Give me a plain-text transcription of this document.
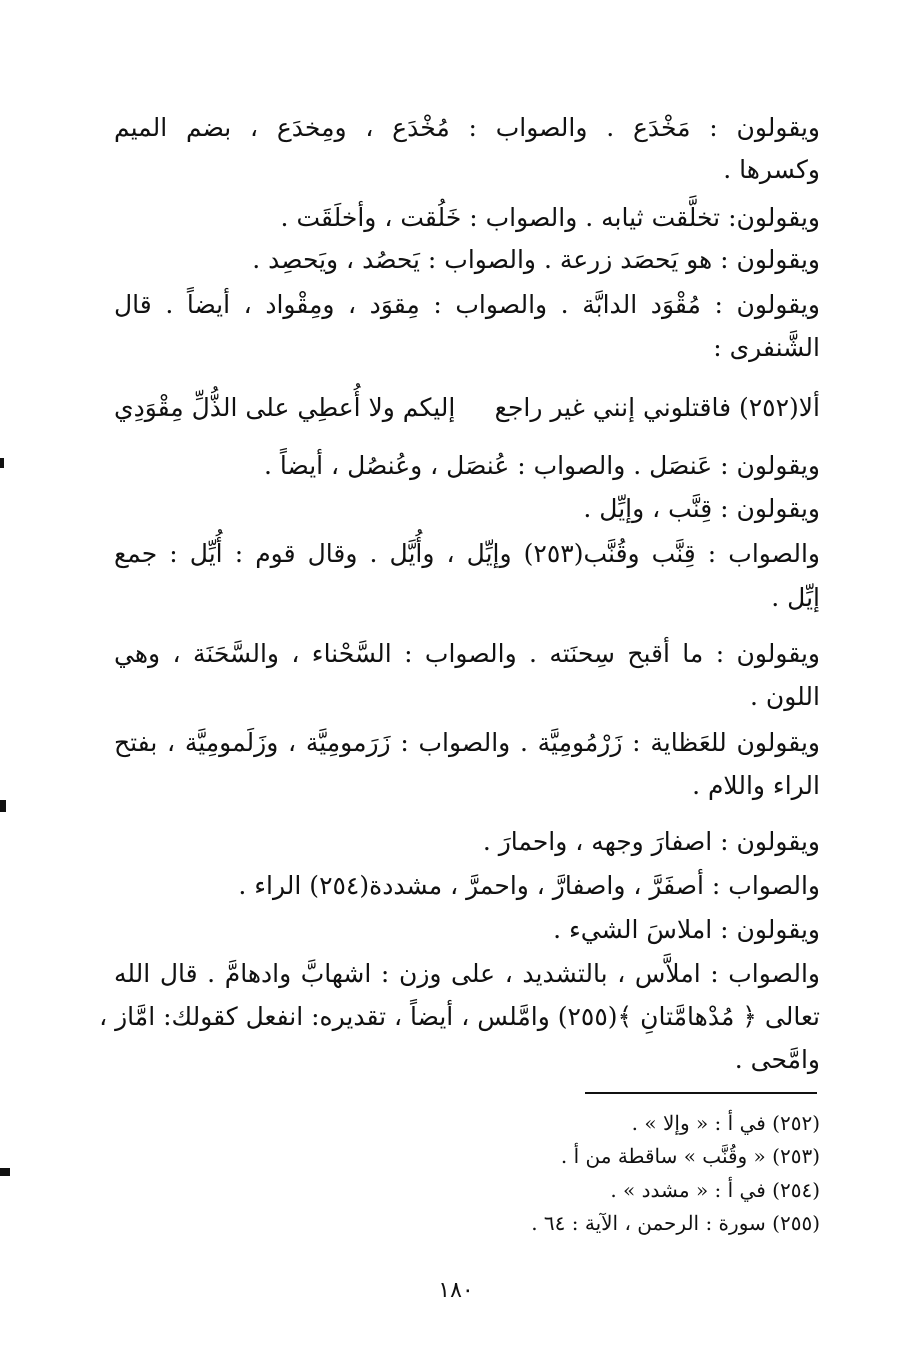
ويقولون : مَخْدَع . والصواب : مُخْدَع ، ومِخدَع ، بضم الميم
وكسرها .
ويقولون: تخلَّقت ثيابه . والصواب : خَلُقت ، وأخلَقَت .
ويقولون : هو يَحصَد زرعة . والصواب : يَحصُد ، ويَحصِد .
ويقولون : مُقْوَد الدابَّة . والصواب : مِقوَد ، ومِقْواد ، أيضاً . قال
الشَّنفرى :
ألا(٢٥٢) فاقتلوني إنني غير راجع
إليكم ولا أُعطِي على الذُّلِّ مِقْوَدِي
ويقولون : عَنصَل . والصواب : عُنصَل ، وعُنصُل ، أيضاً .
ويقولون : قِنَّب ، وإيِّل .
والصواب : قِنَّب وقُنَّب(٢٥٣) وإيِّل ، وأُيَّل . وقال قوم : أُيِّل : جمع
إيِّل .
ويقولون : ما أقبح سِحنَته . والصواب : السَّحْناء ، والسَّحَنَة ، وهي
اللون .
ويقولون للعَظاية : زَرْمُومِيَّة . والصواب : زَرَمومِيَّة ، وزَلَمومِيَّة ، بفتح
الراء واللام .
ويقولون : اصفارَ وجهه ، واحمارَ .
والصواب : أصفَرَّ ، واصفارَّ ، واحمرَّ ، مشددة(٢٥٤) الراء .
ويقولون : املاسَ الشيء .
والصواب : املاَّس ، بالتشديد ، على وزن : اشهابَّ وادهامَّ . قال الله
تعالى ﴿ مُدْهامَّتانِ ﴾(٢٥٥) وامَّلس ، أيضاً ، تقديره: انفعل كقولك: امَّاز ،
وامَّحى .
(٢٥٢) في أ : « وإلا » .
(٢٥٣) « وقُنَّب » ساقطة من أ .
(٢٥٤) في أ : « مشدد » .
(٢٥٥) سورة : الرحمن ، الآية : ٦٤ .
١٨٠
